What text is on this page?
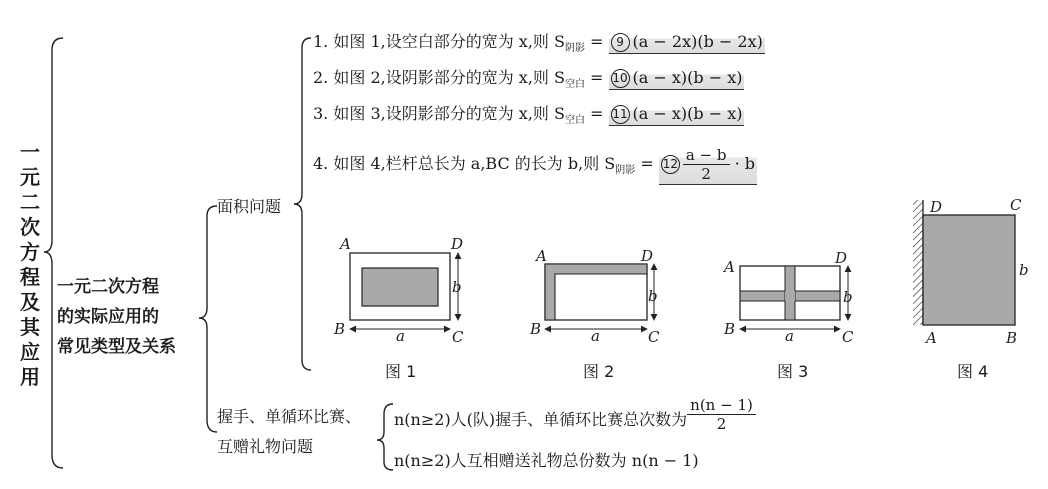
一元二次方程及其应用
一元二次方程
的实际应用的
常见类型及关系
面积问题
1. 如图 1,设空白部分的宽为 x,则 $S_{阴影} = 9$ (a − 2x)(b − 2x)
2. 如图 2,设阴影部分的宽为 x,则 $S_{空白} = 10$ (a − x)(b − x)
3. 如图 3,设阴影部分的宽为 x,则 $S_{空白} = 11$ (a − x)(b − x)
4. 如图 4,栏杆总长为 a,BC 的长为 b,则 $S_{阴影} = 12 \frac{a - b}{2} \cdot b$
A	D
B	C
a
b
A	D
B	C
a
b
A	D
B	C
a
b
D	C
b
A	B
图 1	图 2	图 3	图 4
握手、单循环比赛、
互赠礼物问题
n(n≥2)人(队)握手、单循环比赛总次数为 $\frac{n(n - 1)}{2}$
n(n≥2)人互相赠送礼物总份数为 n(n − 1)
